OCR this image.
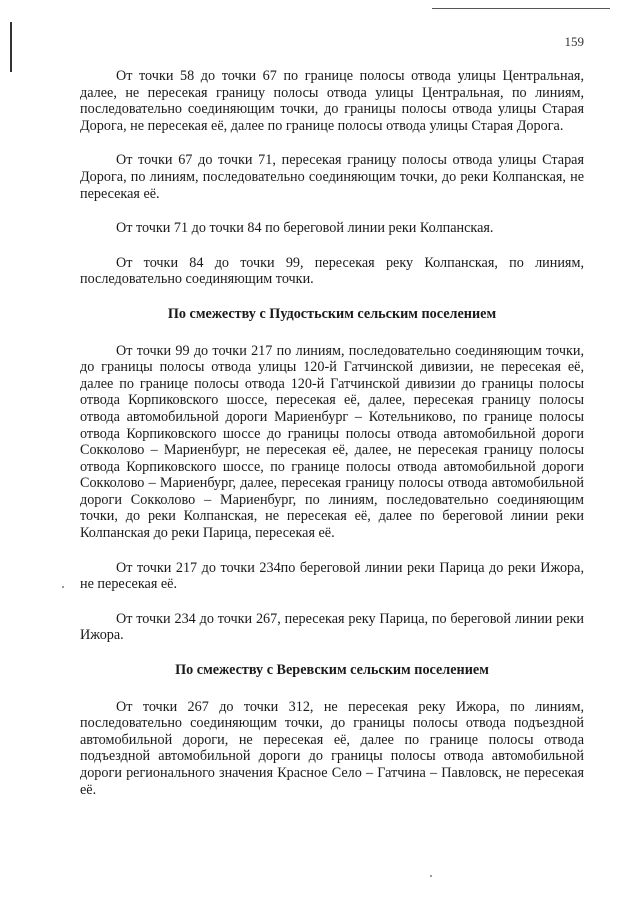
159

От точки 58 до точки 67 по границе полосы отвода улицы Центральная, далее, не пересекая границу полосы отвода улицы Центральная, по линиям, последовательно соединяющим точки, до границы полосы отвода улицы Старая Дорога, не пересекая её, далее по границе полосы отвода улицы Старая Дорога.

От точки 67 до точки 71, пересекая границу полосы отвода улицы Старая Дорога, по линиям, последовательно соединяющим точки, до реки Колпанская, не пересекая её.

От точки 71 до точки 84 по береговой линии реки Колпанская.

От точки 84 до точки 99, пересекая реку Колпанская, по линиям, последовательно соединяющим точки.

По смежеству с Пудостьским сельским поселением

От точки 99 до точки 217 по линиям, последовательно соединяющим точки, до границы полосы отвода улицы 120-й Гатчинской дивизии, не пересекая её, далее по границе полосы отвода 120-й Гатчинской дивизии до границы полосы отвода Корпиковского шоссе, пересекая её, далее, пересекая границу полосы отвода автомобильной дороги Мариенбург – Котельниково, по границе полосы отвода Корпиковского шоссе до границы полосы отвода автомобильной дороги Сокколово – Мариенбург, не пересекая её, далее, не пересекая границу полосы отвода Корпиковского шоссе, по границе полосы отвода автомобильной дороги Сокколово – Мариенбург, далее, пересекая границу полосы отвода автомобильной дороги Сокколово – Мариенбург, по линиям, последовательно соединяющим точки, до реки Колпанская, не пересекая её, далее по береговой линии реки Колпанская до реки Парица, пересекая её.

От точки 217 до точки 234по береговой линии реки Парица до реки Ижора, не пересекая её.

От точки 234 до точки 267, пересекая реку Парица, по береговой линии реки Ижора.

По смежеству с Веревским сельским поселением

От точки 267 до точки 312, не пересекая реку Ижора, по линиям, последовательно соединяющим точки, до границы полосы отвода подъездной автомобильной дороги, не пересекая её, далее по границе полосы отвода подъездной автомобильной дороги до границы полосы отвода автомобильной дороги регионального значения Красное Село – Гатчина – Павловск, не пересекая её.
